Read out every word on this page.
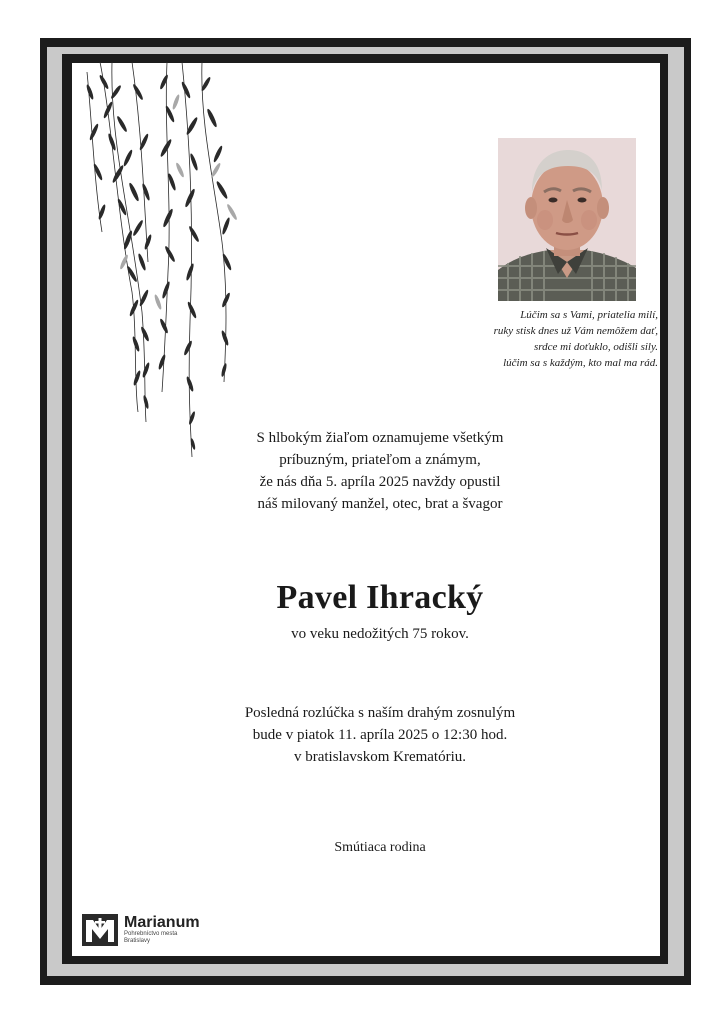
Lúčim sa s Vami, priatelia milí,
ruky stisk dnes už Vám nemôžem dať,
srdce mi doťuklo, odišli sily.
lúčim sa s každým, kto mal ma rád.
S hlbokým žiaľom oznamujeme všetkým
príbuzným, priateľom a známym,
že nás dňa 5. apríla 2025 navždy opustil
náš milovaný manžel, otec, brat a švagor
Pavel Ihracký
vo veku nedožitých 75 rokov.
Posledná rozlúčka s naším drahým zosnulým
bude v piatok 11. apríla 2025 o 12:30 hod.
v bratislavskom Krematóriu.
Smútiaca rodina
Marianum
Pohrebníctvo mesta Bratislavy
